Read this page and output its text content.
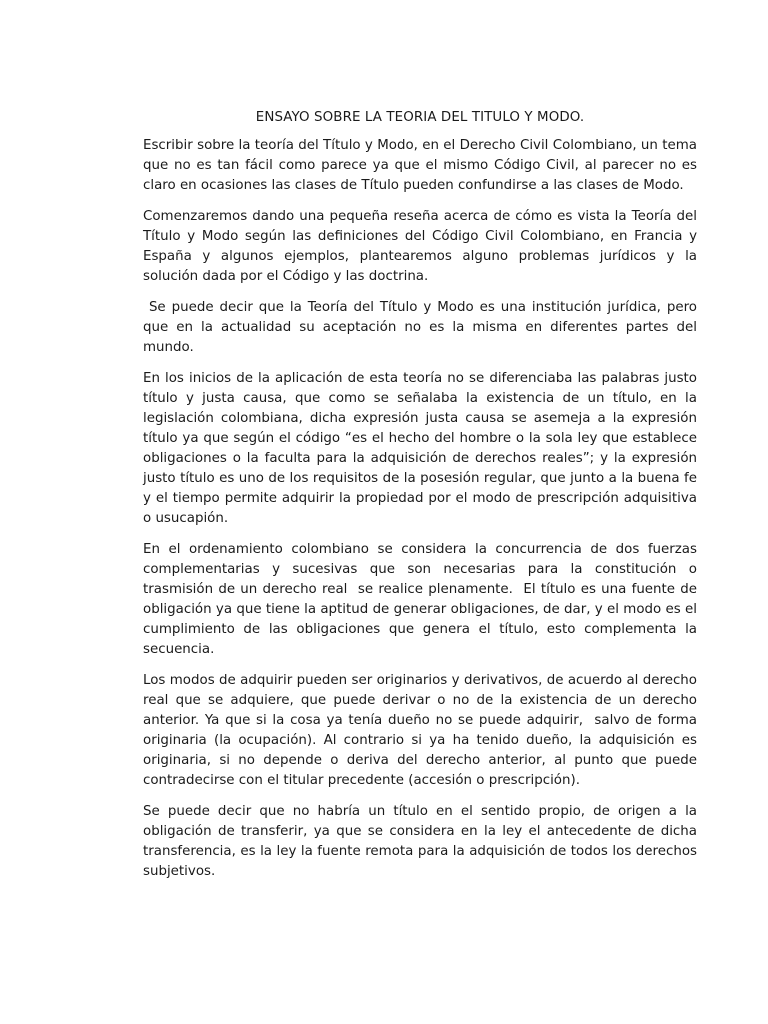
ENSAYO SOBRE LA TEORIA DEL TITULO Y MODO.

Escribir sobre la teoría del Título y Modo, en el Derecho Civil Colombiano, un tema que no es tan fácil como parece ya que el mismo Código Civil, al parecer no es claro en ocasiones las clases de Título pueden confundirse a las clases de Modo.

Comenzaremos dando una pequeña reseña acerca de cómo es vista la Teoría del Título y Modo según las definiciones del Código Civil Colombiano, en Francia y España y algunos ejemplos, plantearemos alguno problemas jurídicos y la solución dada por el Código y las doctrina.

Se puede decir que la Teoría del Título y Modo es una institución jurídica, pero que en la actualidad su aceptación no es la misma en diferentes partes del mundo.

En los inicios de la aplicación de esta teoría no se diferenciaba las palabras justo título y justa causa, que como se señalaba la existencia de un título, en la legislación colombiana, dicha expresión justa causa se asemeja a la expresión título ya que según el código “es el hecho del hombre o la sola ley que establece obligaciones o la faculta para la adquisición de derechos reales”; y la expresión justo título es uno de los requisitos de la posesión regular, que junto a la buena fe y el tiempo permite adquirir la propiedad por el modo de prescripción adquisitiva o usucapión.

En el ordenamiento colombiano se considera la concurrencia de dos fuerzas complementarias y sucesivas que son necesarias para la constitución o trasmisión de un derecho real  se realice plenamente.  El título es una fuente de obligación ya que tiene la aptitud de generar obligaciones, de dar, y el modo es el cumplimiento de las obligaciones que genera el título, esto complementa la secuencia.

Los modos de adquirir pueden ser originarios y derivativos, de acuerdo al derecho real que se adquiere, que puede derivar o no de la existencia de un derecho anterior. Ya que si la cosa ya tenía dueño no se puede adquirir,  salvo de forma originaria (la ocupación). Al contrario si ya ha tenido dueño, la adquisición es originaria, si no depende o deriva del derecho anterior, al punto que puede contradecirse con el titular precedente (accesión o prescripción).

Se puede decir que no habría un título en el sentido propio, de origen a la obligación de transferir, ya que se considera en la ley el antecedente de dicha transferencia, es la ley la fuente remota para la adquisición de todos los derechos subjetivos.
